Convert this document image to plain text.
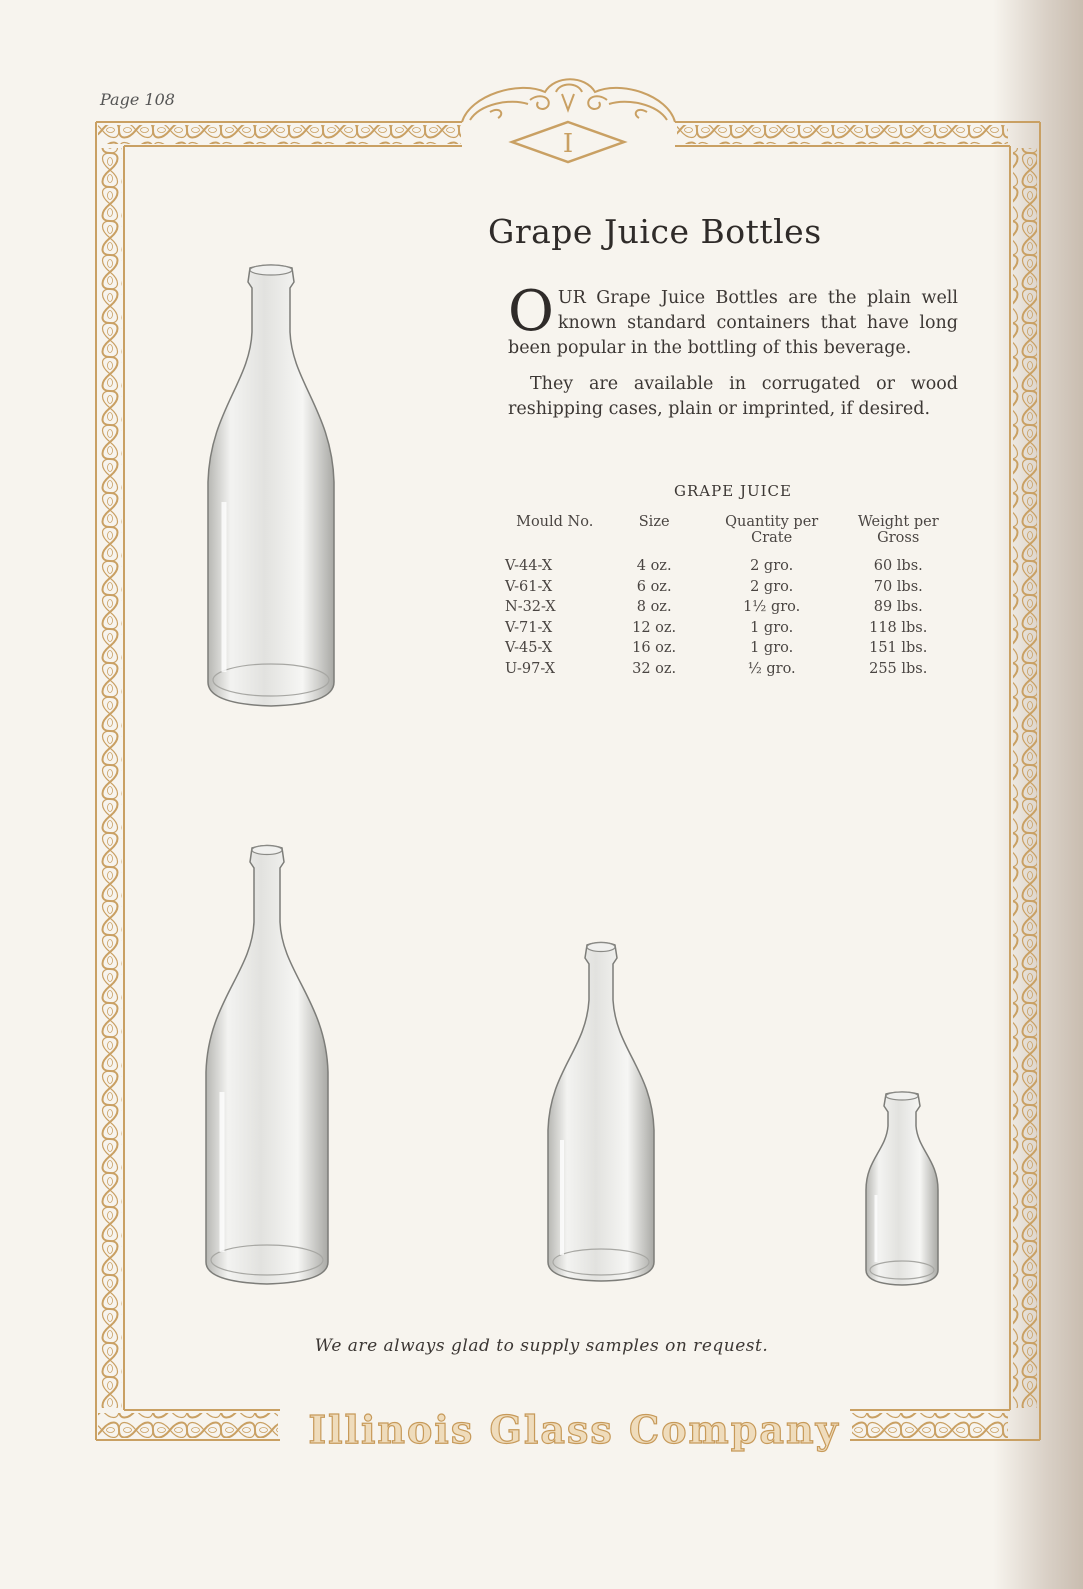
Page 108
I
Grape Juice Bottles
OUR Grape Juice Bottles are the plain well known standard containers that have long been popular in the bottling of this beverage.
They are available in corrugated or wood reshipping cases, plain or imprinted, if desired.
GRAPE JUICE
Mould No.	Size	Quantity per Crate	Weight per Gross
V-44-X	4 oz.	2 gro.	60 lbs.
V-61-X	6 oz.	2 gro.	70 lbs.
N-32-X	8 oz.	1½ gro.	89 lbs.
V-71-X	12 oz.	1 gro.	118 lbs.
V-45-X	16 oz.	1 gro.	151 lbs.
U-97-X	32 oz.	½ gro.	255 lbs.
We are always glad to supply samples on request.
Illinois Glass Company
